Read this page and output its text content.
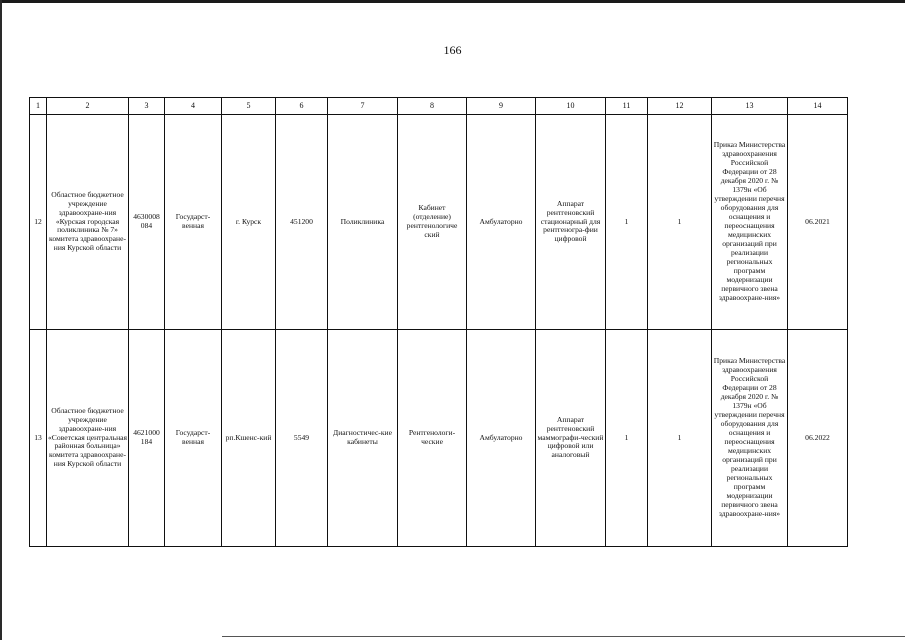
166
1	2	3	4	5	6	7	8	9	10	11	12	13	14
12	Областное бюджетное учреждение здравоохране-ния «Курская городская поликлиника № 7» комитета здравоохране-ния Курской области	4630008 084	Государст-венная	г. Курск	451200	Поликлиника	Кабинет (отделение) рентгенологиче ский	Амбулаторно	Аппарат рентгеновский стационарный для рентгеногра-фии цифровой	1	1	Приказ Министерства здравоохранения Российской Федерации от 28 декабря 2020 г. № 1379н «Об утверждении перечня оборудования для оснащения и переоснащения медицинских организаций при реализации региональных программ модернизации первичного звена здравоохране-ния»	06.2021
13	Областное бюджетное учреждение здравоохране-ния «Советская центральная районная больница» комитета здравоохране-ния Курской области	4621000 184	Государст-венная	рп.Кшенс-кий	5549	Диагностичес-кие кабинеты	Рентгенологи-ческие	Амбулаторно	Аппарат рентгеновский маммографи-ческий цифровой или аналоговый	1	1	Приказ Министерства здравоохранения Российской Федерации от 28 декабря 2020 г. № 1379н «Об утверждении перечня оборудования для оснащения и переоснащения медицинских организаций при реализации региональных программ модернизации первичного звена здравоохране-ния»	06.2022
